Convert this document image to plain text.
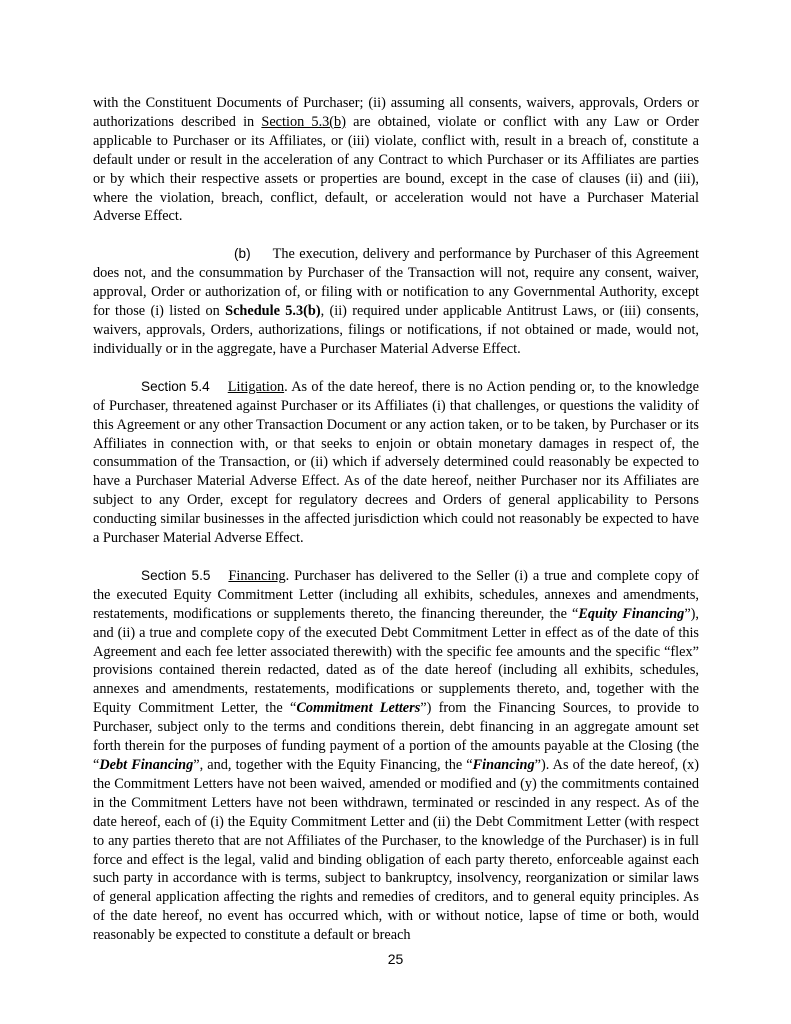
with the Constituent Documents of Purchaser; (ii) assuming all consents, waivers, approvals, Orders or authorizations described in Section 5.3(b) are obtained, violate or conflict with any Law or Order applicable to Purchaser or its Affiliates, or (iii) violate, conflict with, result in a breach of, constitute a default under or result in the acceleration of any Contract to which Purchaser or its Affiliates are parties or by which their respective assets or properties are bound, except in the case of clauses (ii) and (iii), where the violation, breach, conflict, default, or acceleration would not have a Purchaser Material Adverse Effect.

(b) The execution, delivery and performance by Purchaser of this Agreement does not, and the consummation by Purchaser of the Transaction will not, require any consent, waiver, approval, Order or authorization of, or filing with or notification to any Governmental Authority, except for those (i) listed on Schedule 5.3(b), (ii) required under applicable Antitrust Laws, or (iii) consents, waivers, approvals, Orders, authorizations, filings or notifications, if not obtained or made, would not, individually or in the aggregate, have a Purchaser Material Adverse Effect.

Section 5.4 Litigation. As of the date hereof, there is no Action pending or, to the knowledge of Purchaser, threatened against Purchaser or its Affiliates (i) that challenges, or questions the validity of this Agreement or any other Transaction Document or any action taken, or to be taken, by Purchaser or its Affiliates in connection with, or that seeks to enjoin or obtain monetary damages in respect of, the consummation of the Transaction, or (ii) which if adversely determined could reasonably be expected to have a Purchaser Material Adverse Effect. As of the date hereof, neither Purchaser nor its Affiliates are subject to any Order, except for regulatory decrees and Orders of general applicability to Persons conducting similar businesses in the affected jurisdiction which could not reasonably be expected to have a Purchaser Material Adverse Effect.

Section 5.5 Financing. Purchaser has delivered to the Seller (i) a true and complete copy of the executed Equity Commitment Letter (including all exhibits, schedules, annexes and amendments, restatements, modifications or supplements thereto, the financing thereunder, the “Equity Financing”), and (ii) a true and complete copy of the executed Debt Commitment Letter in effect as of the date of this Agreement and each fee letter associated therewith) with the specific fee amounts and the specific “flex” provisions contained therein redacted, dated as of the date hereof (including all exhibits, schedules, annexes and amendments, restatements, modifications or supplements thereto, and, together with the Equity Commitment Letter, the “Commitment Letters”) from the Financing Sources, to provide to Purchaser, subject only to the terms and conditions therein, debt financing in an aggregate amount set forth therein for the purposes of funding payment of a portion of the amounts payable at the Closing (the “Debt Financing”, and, together with the Equity Financing, the “Financing”). As of the date hereof, (x) the Commitment Letters have not been waived, amended or modified and (y) the commitments contained in the Commitment Letters have not been withdrawn, terminated or rescinded in any respect. As of the date hereof, each of (i) the Equity Commitment Letter and (ii) the Debt Commitment Letter (with respect to any parties thereto that are not Affiliates of the Purchaser, to the knowledge of the Purchaser) is in full force and effect is the legal, valid and binding obligation of each party thereto, enforceable against each such party in accordance with is terms, subject to bankruptcy, insolvency, reorganization or similar laws of general application affecting the rights and remedies of creditors, and to general equity principles. As of the date hereof, no event has occurred which, with or without notice, lapse of time or both, would reasonably be expected to constitute a default or breach

25
